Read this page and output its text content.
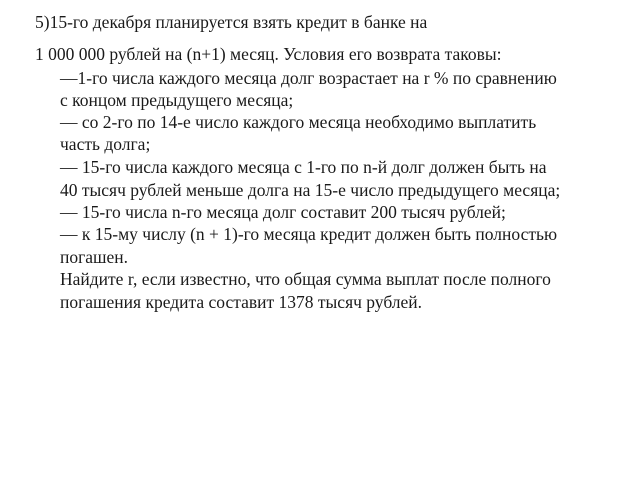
5)15-го декабря планируется взять кредит в банке на
1 000 000 рублей на (n+1) месяц. Условия его возврата таковы:
—1-го числа каждого месяца долг возрастает на r % по сравнению
с концом предыдущего месяца;
— со 2-го по 14-е число каждого месяца необходимо выплатить
часть долга;
— 15-го числа каждого месяца с 1-го по n-й долг должен быть на
40 тысяч рублей меньше долга на 15-е число предыдущего месяца;
— 15-го числа n-го месяца долг составит 200 тысяч рублей;
— к 15-му числу (n + 1)-го месяца кредит должен быть полностью
погашен.
Найдите r, если известно, что общая сумма выплат после полного
погашения кредита составит 1378 тысяч рублей.
